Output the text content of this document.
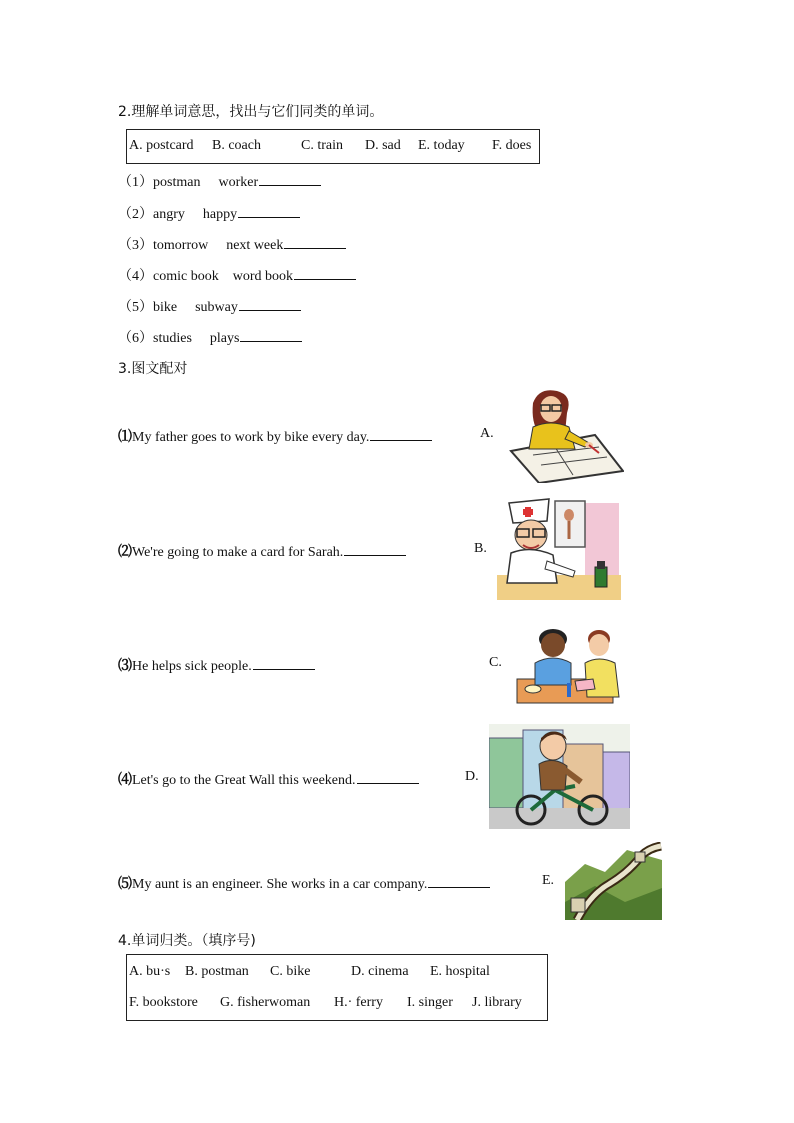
2.理解单词意思，找出与它们同类的单词。
A. postcard B. coach	C. train D. sad E. today F. does
（1）postman worker
（2）angry happy
（3）tomorrow next week
（4）comic book word book
（5）bike subway
（6）studies plays
3.图文配对
⑴My father goes to work by bike every day.	A.
⑵We're going to make a card for Sarah.	B.
⑶He helps sick people.	C.
⑷Let's go to the Great Wall this weekend.	D.
⑸My aunt is an engineer. She works in a car company.	E.
4.单词归类。（填序号)
A. bu·s B. postman C. bike	D. cinema E. hospital
F. bookstore G. fisherwoman H.· ferry I. singer J. library
